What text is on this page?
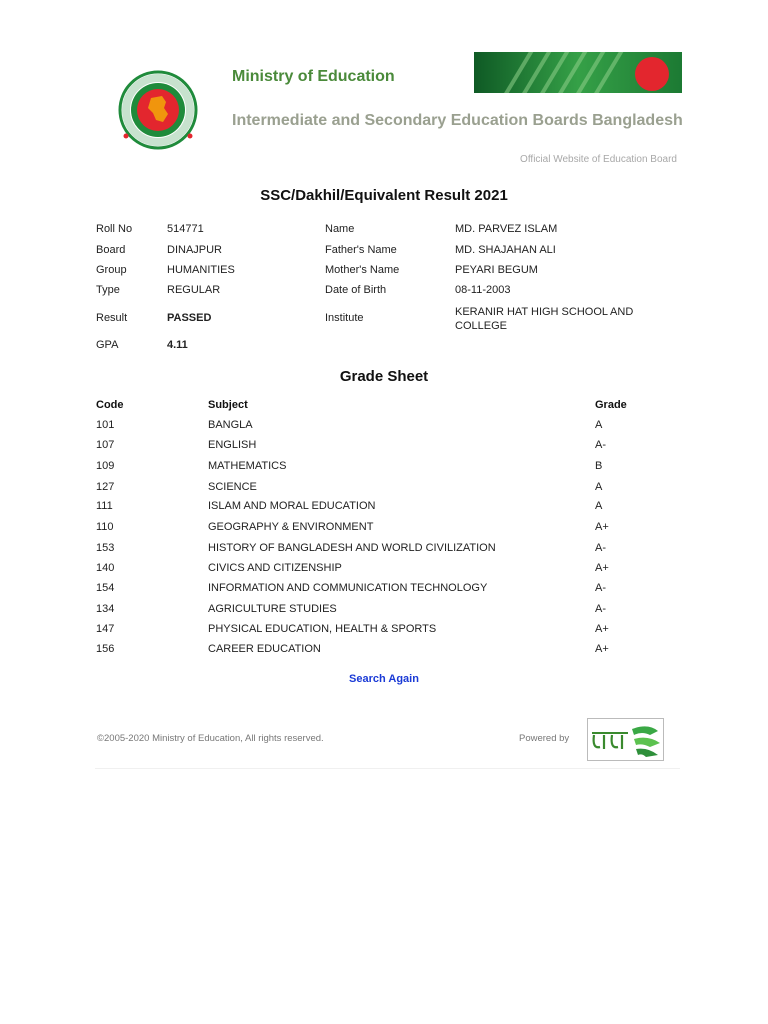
Ministry of Education
Intermediate and Secondary Education Boards Bangladesh
Official Website of Education Board
SSC/Dakhil/Equivalent Result 2021
Roll No	514771	Name	MD. PARVEZ ISLAM
Board	DINAJPUR	Father's Name	MD. SHAJAHAN ALI
Group	HUMANITIES	Mother's Name	PEYARI BEGUM
Type	REGULAR	Date of Birth	08-11-2003
Result	PASSED	Institute	KERANIR HAT HIGH SCHOOL AND COLLEGE
GPA	4.11
Grade Sheet
Code	Subject	Grade
101	BANGLA	A
107	ENGLISH	A-
109	MATHEMATICS	B
127	SCIENCE	A
111	ISLAM AND MORAL EDUCATION	A
110	GEOGRAPHY & ENVIRONMENT	A+
153	HISTORY OF BANGLADESH AND WORLD CIVILIZATION	A-
140	CIVICS AND CITIZENSHIP	A+
154	INFORMATION AND COMMUNICATION TECHNOLOGY	A-
134	AGRICULTURE STUDIES	A-
147	PHYSICAL EDUCATION, HEALTH & SPORTS	A+
156	CAREER EDUCATION	A+
Search Again
©2005-2020 Ministry of Education, All rights reserved.	Powered by
